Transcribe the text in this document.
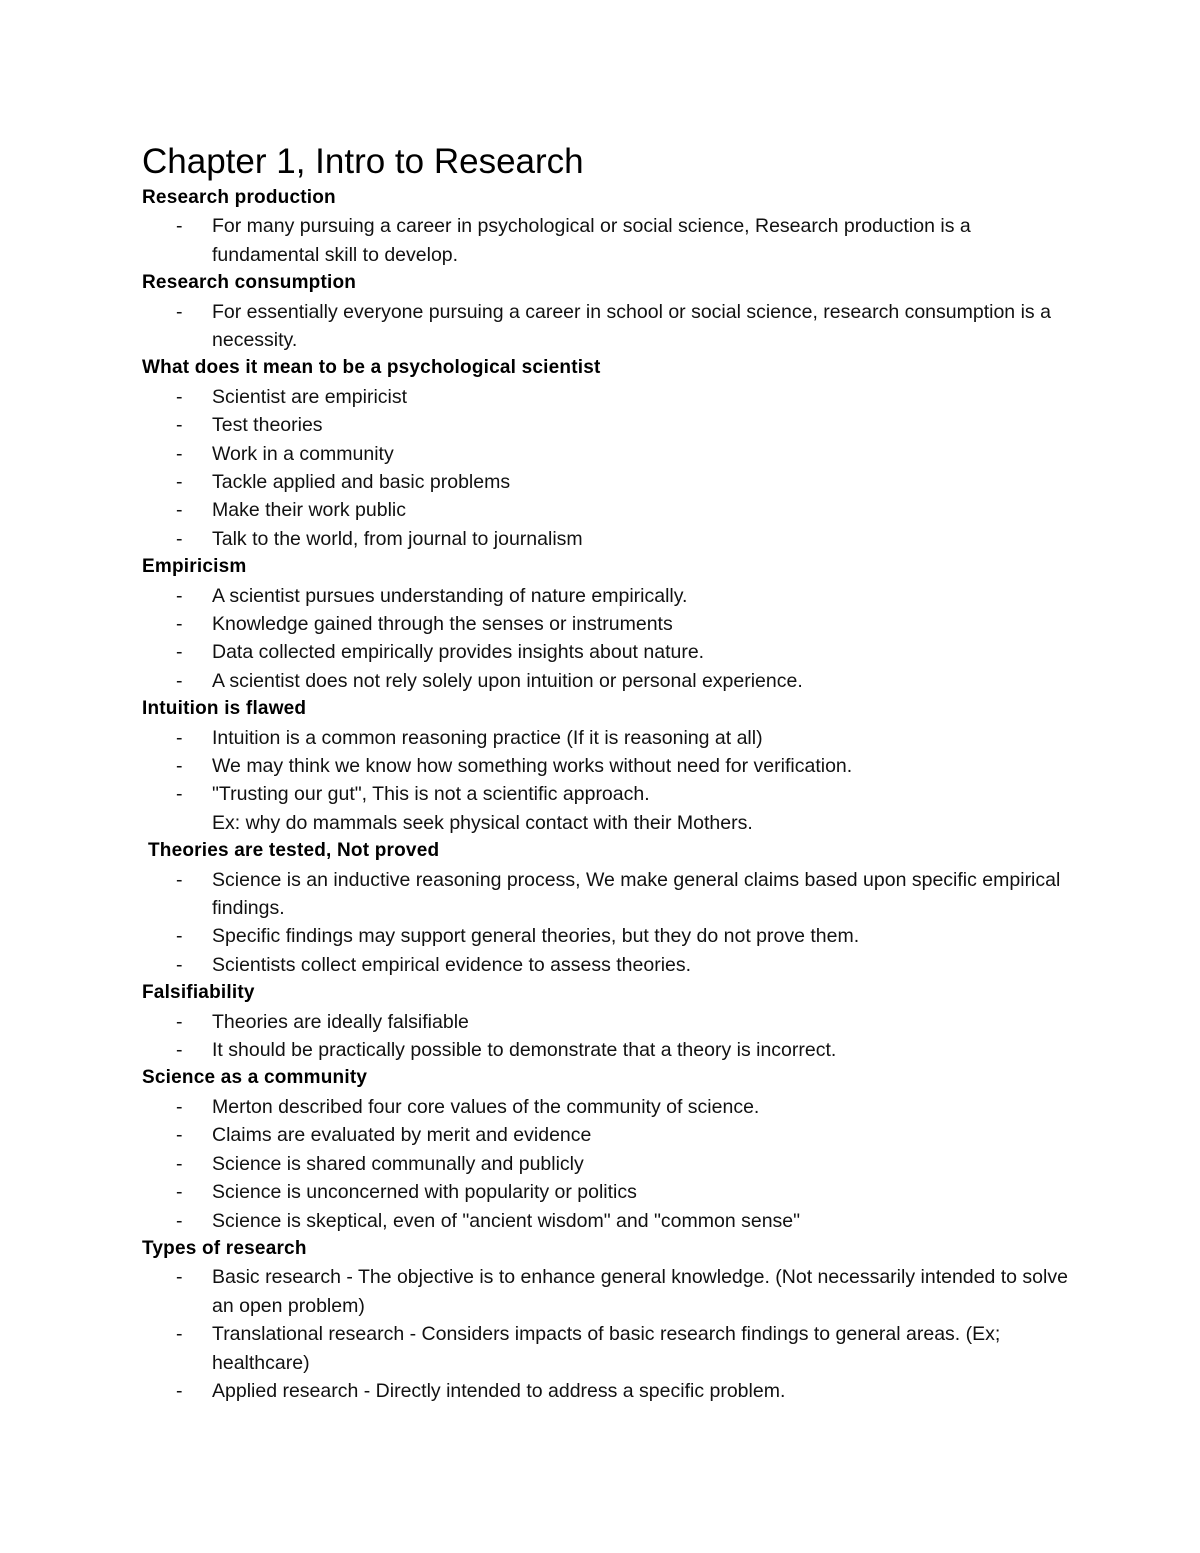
Chapter 1, Intro to Research
Research production
- For many pursuing a career in psychological or social science, Research production is a fundamental skill to develop.
Research consumption
- For essentially everyone pursuing a career in school or social science, research consumption is a necessity.
What does it mean to be a psychological scientist
- Scientist are empiricist
- Test theories
- Work in a community
- Tackle applied and basic problems
- Make their work public
- Talk to the world, from journal to journalism
Empiricism
- A scientist pursues understanding of nature empirically.
- Knowledge gained through the senses or instruments
- Data collected empirically provides insights about nature.
- A scientist does not rely solely upon intuition or personal experience.
Intuition is flawed
- Intuition is a common reasoning practice (If it is reasoning at all)
- We may think we know how something works without need for verification.
- "Trusting our gut", This is not a scientific approach.
Ex: why do mammals seek physical contact with their Mothers.
Theories are tested, Not proved
- Science is an inductive reasoning process, We make general claims based upon specific empirical findings.
- Specific findings may support general theories, but they do not prove them.
- Scientists collect empirical evidence to assess theories.
Falsifiability
- Theories are ideally falsifiable
- It should be practically possible to demonstrate that a theory is incorrect.
Science as a community
- Merton described four core values of the community of science.
- Claims are evaluated by merit and evidence
- Science is shared communally and publicly
- Science is unconcerned with popularity or politics
- Science is skeptical, even of "ancient wisdom" and "common sense"
Types of research
- Basic research - The objective is to enhance general knowledge. (Not necessarily intended to solve an open problem)
- Translational research - Considers impacts of basic research findings to general areas. (Ex; healthcare)
- Applied research - Directly intended to address a specific problem.
